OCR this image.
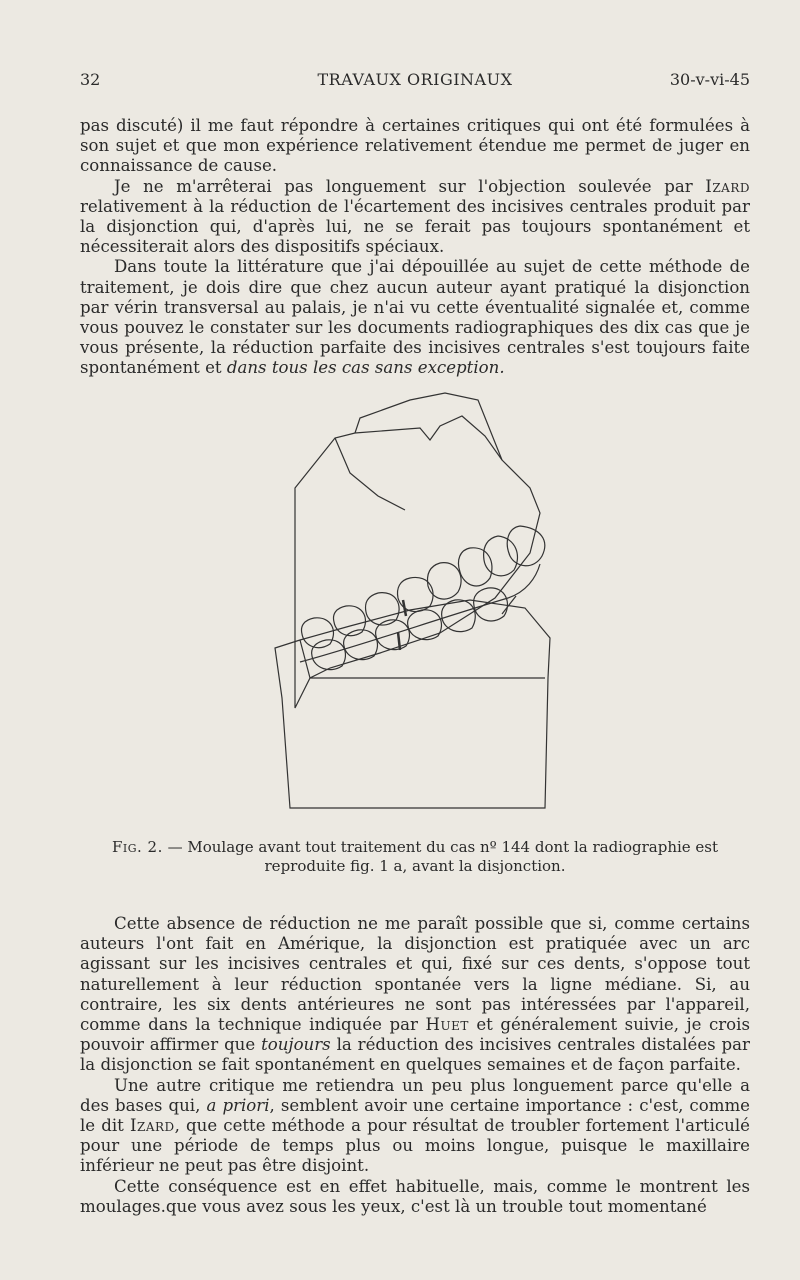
32	TRAVAUX ORIGINAUX	30-v-vi-45

pas discuté) il me faut répondre à certaines critiques qui ont été formulées à son sujet et que mon expérience relativement étendue me permet de juger en connaissance de cause.

Je ne m'arrêterai pas longuement sur l'objection soulevée par Izard relativement à la réduction de l'écartement des incisives centrales produit par la disjonction qui, d'après lui, ne se ferait pas toujours spontanément et nécessiterait alors des dispositifs spéciaux.

Dans toute la littérature que j'ai dépouillée au sujet de cette méthode de traitement, je dois dire que chez aucun auteur ayant pratiqué la disjonction par vérin transversal au palais, je n'ai vu cette éventualité signalée et, comme vous pouvez le constater sur les documents radiographiques des dix cas que je vous présente, la réduction parfaite des incisives centrales s'est toujours faite spontanément et dans tous les cas sans exception.

Fig. 2. — Moulage avant tout traitement du cas nº 144 dont la radiographie est reproduite fig. 1 a, avant la disjonction.

Cette absence de réduction ne me paraît possible que si, comme certains auteurs l'ont fait en Amérique, la disjonction est pratiquée avec un arc agissant sur les incisives centrales et qui, fixé sur ces dents, s'oppose tout naturellement à leur réduction spontanée vers la ligne médiane. Si, au contraire, les six dents antérieures ne sont pas intéressées par l'appareil, comme dans la technique indiquée par Huet et généralement suivie, je crois pouvoir affirmer que toujours la réduction des incisives centrales distalées par la disjonction se fait spontanément en quelques semaines et de façon parfaite.

Une autre critique me retiendra un peu plus longuement parce qu'elle a des bases qui, a priori, semblent avoir une certaine importance : c'est, comme le dit Izard, que cette méthode a pour résultat de troubler fortement l'articulé pour une période de temps plus ou moins longue, puisque le maxillaire inférieur ne peut pas être disjoint.

Cette conséquence est en effet habituelle, mais, comme le montrent les moulages.que vous avez sous les yeux, c'est là un trouble tout momentané
